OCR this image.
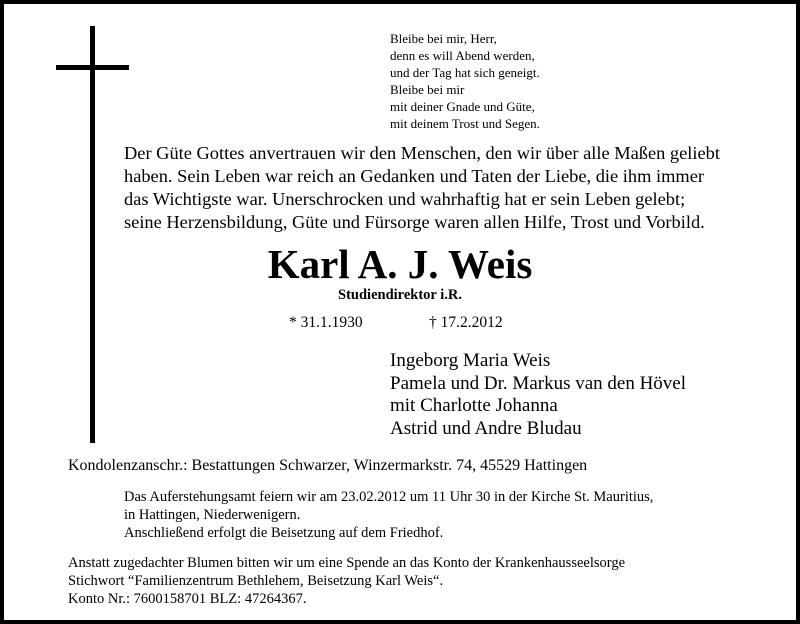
Bleibe bei mir, Herr,
denn es will Abend werden,
und der Tag hat sich geneigt.
Bleibe bei mir
mit deiner Gnade und Güte,
mit deinem Trost und Segen.
Der Güte Gottes anvertrauen wir den Menschen, den wir über alle Maßen geliebt
haben. Sein Leben war reich an Gedanken und Taten der Liebe, die ihm immer
das Wichtigste war. Unerschrocken und wahrhaftig hat er sein Leben gelebt;
seine Herzensbildung, Güte und Fürsorge waren allen Hilfe, Trost und Vorbild.
Karl A. J. Weis
Studiendirektor i.R.
* 31.1.1930	† 17.2.2012
Ingeborg Maria Weis
Pamela und Dr. Markus van den Hövel
mit Charlotte Johanna
Astrid und Andre Bludau
Kondolenzanschr.: Bestattungen Schwarzer, Winzermarkstr. 74, 45529 Hattingen
Das Auferstehungsamt feiern wir am 23.02.2012 um 11 Uhr 30 in der Kirche St. Mauritius,
in Hattingen, Niederwenigern.
Anschließend erfolgt die Beisetzung auf dem Friedhof.
Anstatt zugedachter Blumen bitten wir um eine Spende an das Konto der Krankenhausseelsorge
Stichwort “Familienzentrum Bethlehem, Beisetzung Karl Weis“.
Konto Nr.: 7600158701 BLZ: 47264367.
